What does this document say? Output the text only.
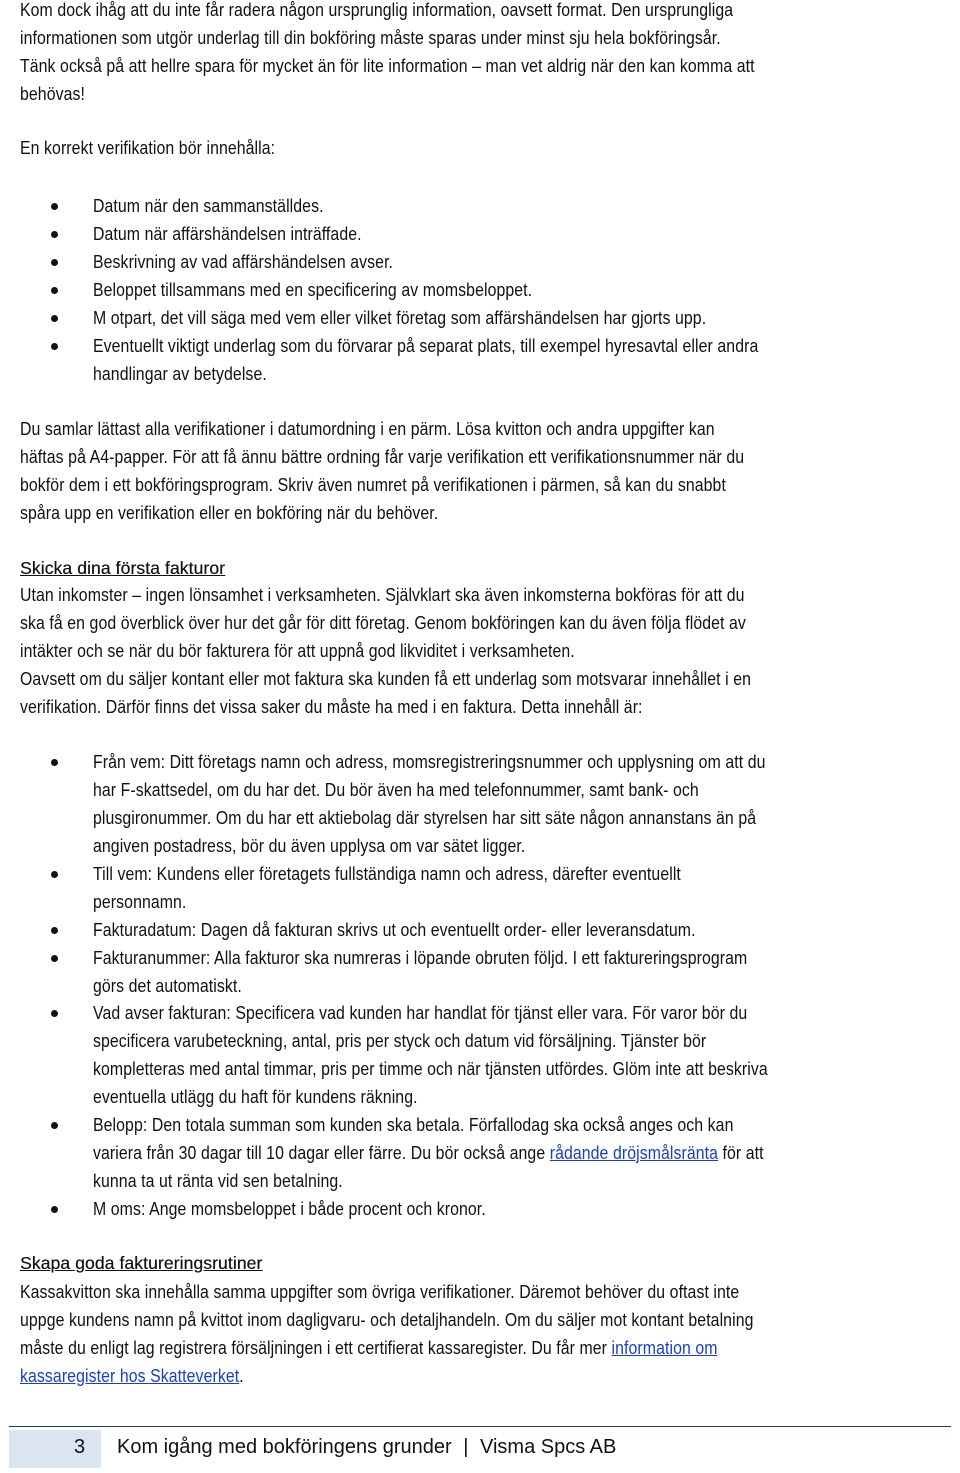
Kom dock ihåg att du inte får radera någon ursprunglig information, oavsett format. Den ursprungliga
informationen som utgör underlag till din bokföring måste sparas under minst sju hela bokföringsår.
Tänk också på att hellre spara för mycket än för lite information – man vet aldrig när den kan komma att
behövas!

En korrekt verifikation bör innehålla:

Datum när den sammanställdes.
Datum när affärshändelsen inträffade.
Beskrivning av vad affärshändelsen avser.
Beloppet tillsammans med en specificering av momsbeloppet.
M otpart, det vill säga med vem eller vilket företag som affärshändelsen har gjorts upp.
Eventuellt viktigt underlag som du förvarar på separat plats, till exempel hyresavtal eller andra
handlingar av betydelse.

Du samlar lättast alla verifikationer i datumordning i en pärm. Lösa kvitton och andra uppgifter kan
häftas på A4-papper. För att få ännu bättre ordning får varje verifikation ett verifikationsnummer när du
bokför dem i ett bokföringsprogram. Skriv även numret på verifikationen i pärmen, så kan du snabbt
spåra upp en verifikation eller en bokföring när du behöver.

Skicka dina första fakturor

Utan inkomster – ingen lönsamhet i verksamheten. Självklart ska även inkomsterna bokföras för att du
ska få en god överblick över hur det går för ditt företag. Genom bokföringen kan du även följa flödet av
intäkter och se när du bör fakturera för att uppnå god likviditet i verksamheten.
Oavsett om du säljer kontant eller mot faktura ska kunden få ett underlag som motsvarar innehållet i en
verifikation. Därför finns det vissa saker du måste ha med i en faktura. Detta innehåll är:

Från vem: Ditt företags namn och adress, momsregistreringsnummer och upplysning om att du
har F-skattsedel, om du har det. Du bör även ha med telefonnummer, samt bank- och
plusgironummer. Om du har ett aktiebolag där styrelsen har sitt säte någon annanstans än på
angiven postadress, bör du även upplysa om var sätet ligger.
Till vem: Kundens eller företagets fullständiga namn och adress, därefter eventuellt
personnamn.
Fakturadatum: Dagen då fakturan skrivs ut och eventuellt order- eller leveransdatum.
Fakturanummer: Alla fakturor ska numreras i löpande obruten följd. I ett faktureringsprogram
görs det automatiskt.
Vad avser fakturan: Specificera vad kunden har handlat för tjänst eller vara. För varor bör du
specificera varubeteckning, antal, pris per styck och datum vid försäljning. Tjänster bör
kompletteras med antal timmar, pris per timme och när tjänsten utfördes. Glöm inte att beskriva
eventuella utlägg du haft för kundens räkning.
Belopp: Den totala summan som kunden ska betala. Förfallodag ska också anges och kan
variera från 30 dagar till 10 dagar eller färre. Du bör också ange rådande dröjsmålsränta för att
kunna ta ut ränta vid sen betalning.
M oms: Ange momsbeloppet i både procent och kronor.
Skapa goda faktureringsrutiner

Kassakvitton ska innehålla samma uppgifter som övriga verifikationer. Däremot behöver du oftast inte
uppge kundens namn på kvittot inom dagligvaru- och detaljhandeln. Om du säljer mot kontant betalning
måste du enligt lag registrera försäljningen i ett certifierat kassaregister. Du får mer information om
kassaregister hos Skatteverket.

3 Kom igång med bokföringens grunder | Visma Spcs AB
